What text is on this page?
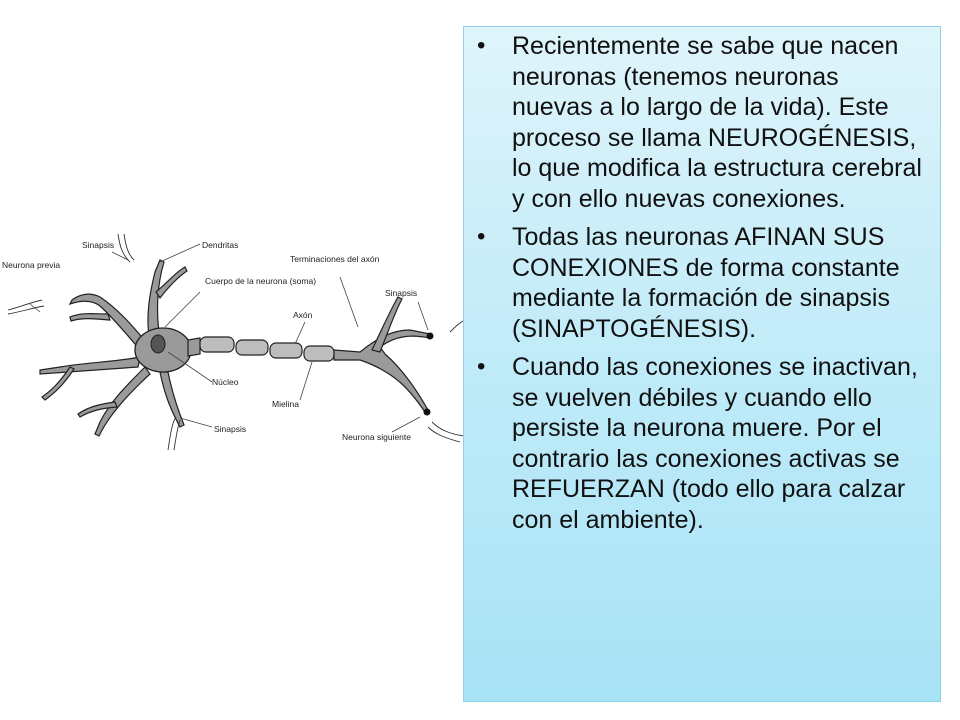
Sinapsis	Dendritas
Neurona previa
Cuerpo de la neurona (soma)
Terminaciones del axón
Sinapsis
Axón
Núcleo
Mielina
Sinapsis
Neurona siguiente
• Recientemente se sabe que nacen neuronas (tenemos neuronas nuevas a lo largo de la vida). Este proceso se llama NEUROGÉNESIS, lo que modifica la estructura cerebral y con ello nuevas conexiones.
• Todas las neuronas AFINAN SUS CONEXIONES de forma constante mediante la formación de sinapsis (SINAPTOGÉNESIS).
• Cuando las conexiones se inactivan, se vuelven débiles y cuando ello persiste la neurona muere. Por el contrario las conexiones activas se REFUERZAN (todo ello para calzar con el ambiente).
